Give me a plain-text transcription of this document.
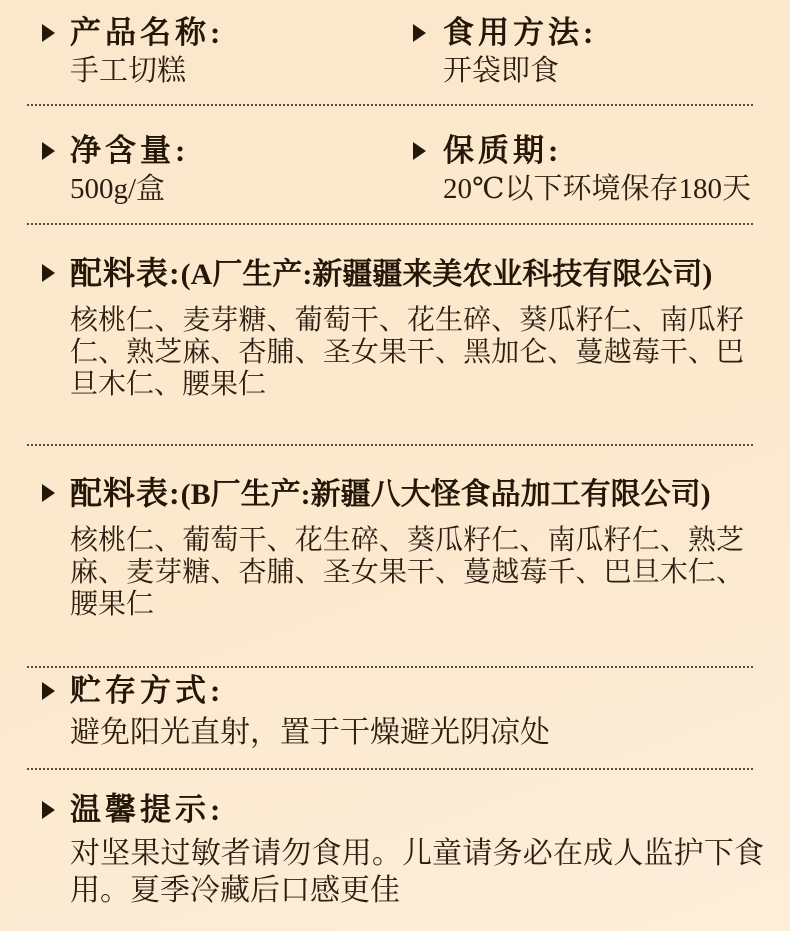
产品名称:
手工切糕
食用方法:
开袋即食
净含量:
500g/盒
保质期:
20℃以下环境保存180天
配料表:(A厂生产:新疆疆来美农业科技有限公司)
核桃仁、麦芽糖、葡萄干、花生碎、葵瓜籽仁、南瓜籽仁、熟芝麻、杏脯、圣女果干、黑加仑、蔓越莓干、巴旦木仁、腰果仁
配料表:(B厂生产:新疆八大怪食品加工有限公司)
核桃仁、葡萄干、花生碎、葵瓜籽仁、南瓜籽仁、熟芝麻、麦芽糖、杏脯、圣女果干、蔓越莓千、巴旦木仁、腰果仁
贮存方式:
避免阳光直射，置于干燥避光阴凉处
温馨提示:
对坚果过敏者请勿食用。儿童请务必在成人监护下食用。夏季冷藏后口感更佳
